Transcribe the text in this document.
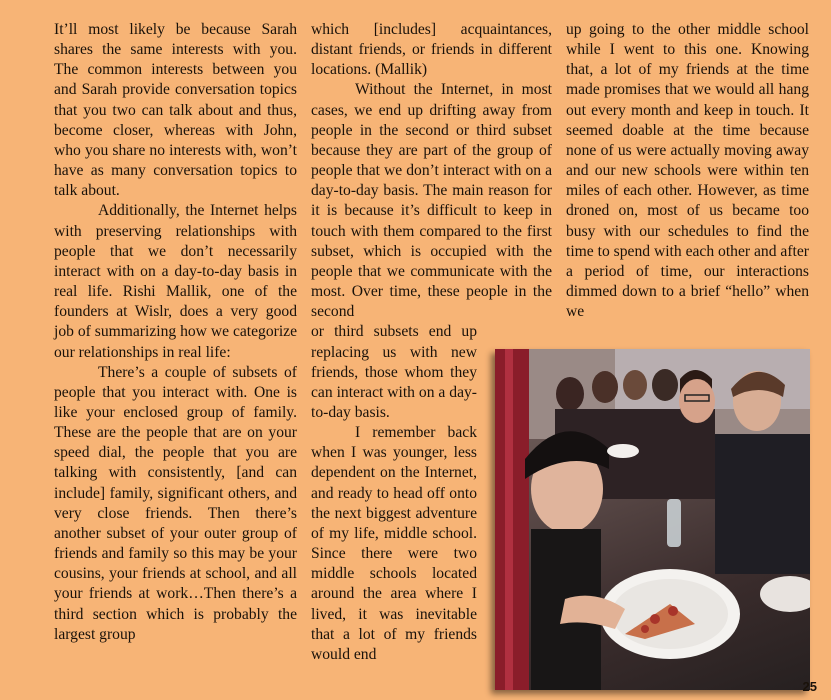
It’ll most likely be because Sarah shares the same interests with you. The common interests between you and Sarah provide conversation topics that you two can talk about and thus, become closer, whereas with John, who you share no interests with, won’t have as many conversation topics to talk about.

Additionally, the Internet helps with preserving relationships with people that we don’t necessarily interact with on a day-to-day basis in real life. Rishi Mallik, one of the founders at Wislr, does a very good job of summarizing how we categorize our relationships in real life:

There’s a couple of subsets of people that you interact with. One is like your enclosed group of family. These are the people that are on your speed dial, the people that you are talking with consistently, [and can include] family, significant others, and very close friends. Then there’s another subset of your outer group of friends and family so this may be your cousins, your friends at school, and all your friends at work…Then there’s a third section which is probably the largest group

which [includes] acquaintances, distant friends, or friends in different locations. (Mallik)

Without the Internet, in most cases, we end up drifting away from people in the second or third subset because they are part of the group of people that we don’t interact with on a day-to-day basis. The main reason for it is because it’s difficult to keep in touch with them compared to the first subset, which is occupied with the people that we communicate with the most. Over time, these people in the second

or third subsets end up replacing us with new friends, those whom they can interact with on a day-to-day basis.

I remember back when I was younger, less dependent on the Internet, and ready to head off onto the next biggest adventure of my life, middle school. Since there were two middle schools located around the area where I lived, it was inevitable that a lot of my friends would end

up going to the other middle school while I went to this one. Knowing that, a lot of my friends at the time made promises that we would all hang out every month and keep in touch. It seemed doable at the time because none of us were actually moving away and our new schools were within ten miles of each other. However, as time droned on, most of us became too busy with our schedules to find the time to spend with each other and after a period of time, our interactions dimmed down to a brief “hello” when we

25
